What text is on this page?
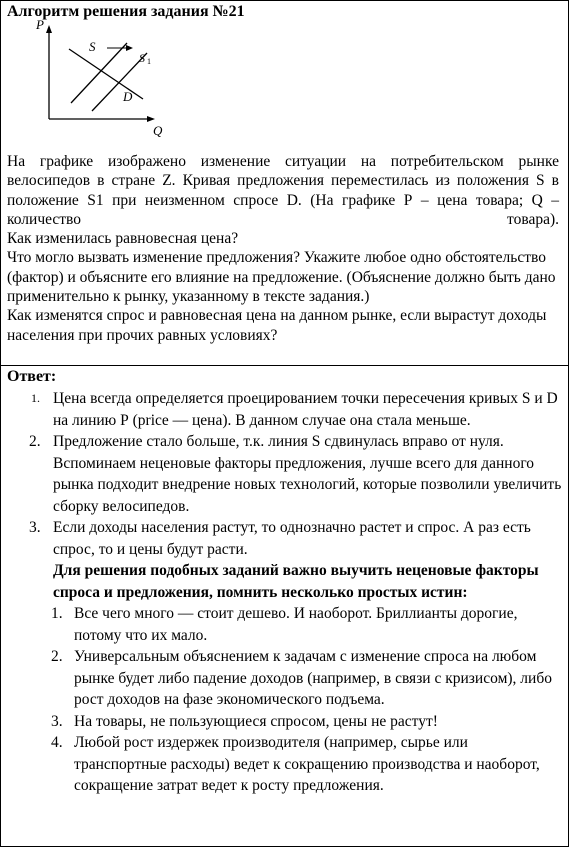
Алгоритм решения задания №21
P
Q
S
S 1
D

На графике изображено изменение ситуации на потребительском рынке велосипедов в стране Z. Кривая предложения переместилась из положения S в положение S1 при неизменном спросе D. (На графике Р – цена товара; Q – количество товара).

Как изменилась равновесная цена?

Что могло вызвать изменение предложения? Укажите любое одно обстоятельство (фактор) и объясните его влияние на предложение. (Объяснение должно быть дано применительно к рынку, указанному в тексте задания.)

Как изменятся спрос и равновесная цена на данном рынке, если вырастут доходы населения при прочих равных условиях?

Ответ:
1. Цена всегда определяется проецированием точки пересечения кривых S и D на линию Р (price — цена). В данном случае она стала меньше.
2. Предложение стало больше, т.к. линия S сдвинулась вправо от нуля. Вспоминаем неценовые факторы предложения, лучше всего для данного рынка подходит внедрение новых технологий, которые позволили увеличить сборку велосипедов.
3. Если доходы населения растут, то однозначно растет и спрос. А раз есть спрос, то и цены будут расти.
Для решения подобных заданий важно выучить неценовые факторы спроса и предложения, помнить несколько простых истин:
1. Все чего много — стоит дешево. И наоборот. Бриллианты дорогие, потому что их мало.
2. Универсальным объяснением к задачам с изменение спроса на любом рынке будет либо падение доходов (например, в связи с кризисом), либо рост доходов на фазе экономического подъема.
3. На товары, не пользующиеся спросом, цены не растут!
4. Любой рост издержек производителя (например, сырье или транспортные расходы) ведет к сокращению производства и наоборот, сокращение затрат ведет к росту предложения.
